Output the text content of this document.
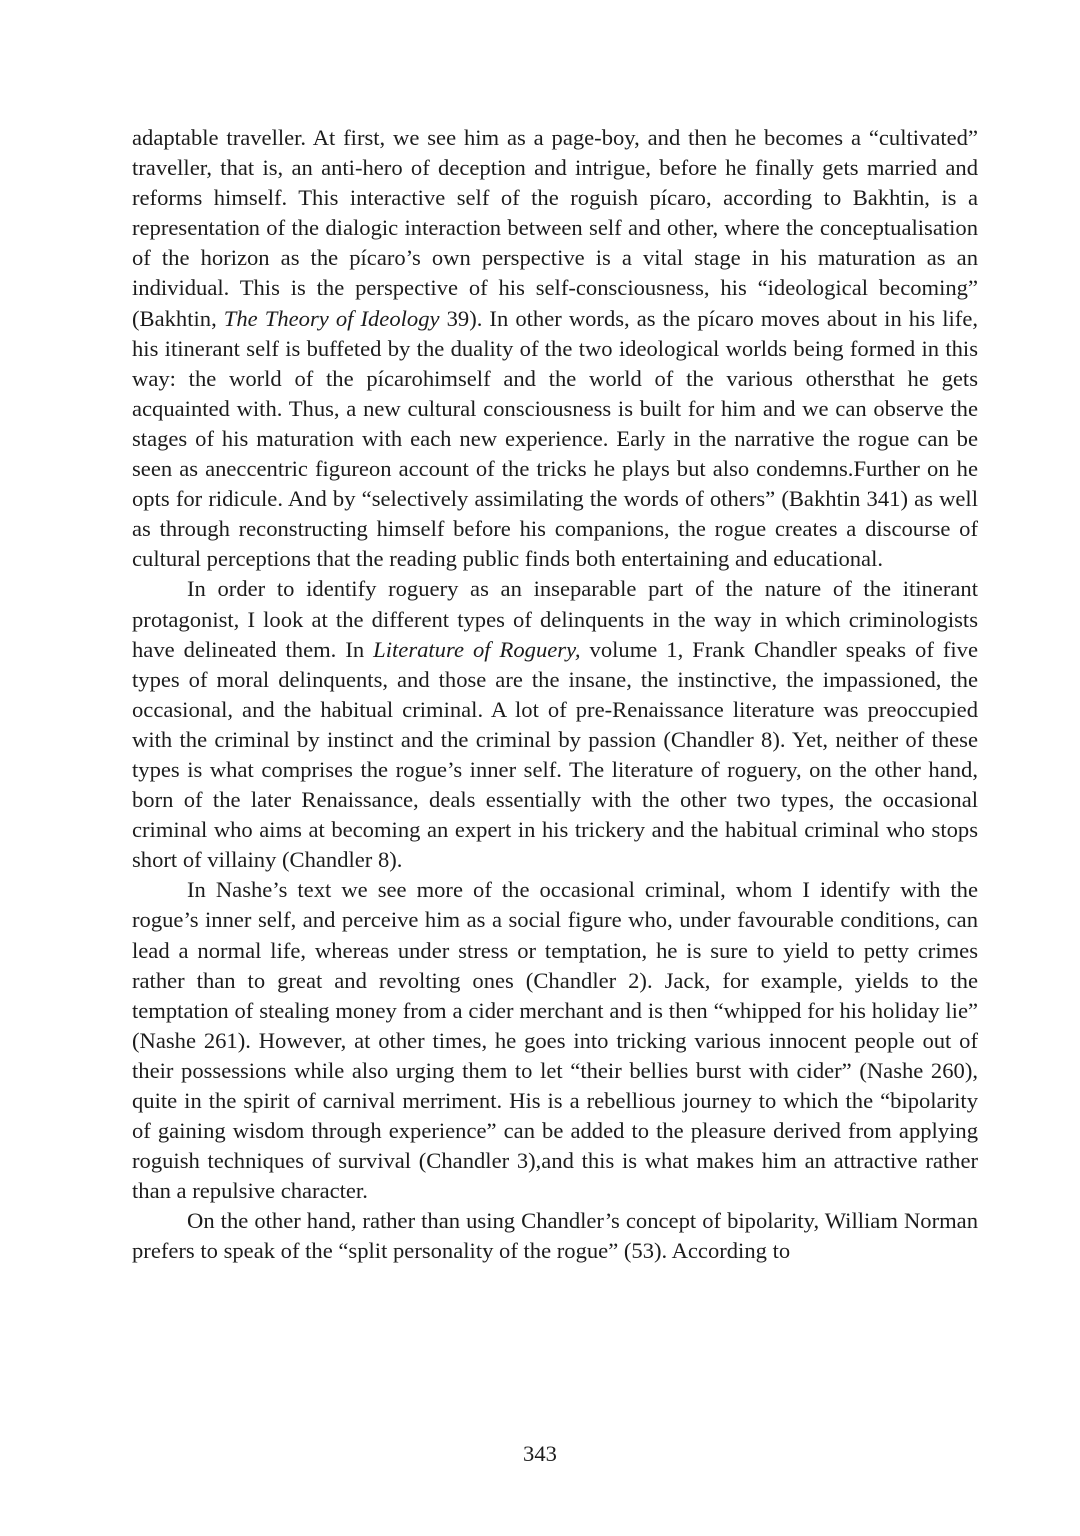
adaptable traveller. At first, we see him as a page-boy, and then he becomes a “cultivated” traveller, that is, an anti-hero of deception and intrigue, before he finally gets married and reforms himself. This interactive self of the roguish pícaro, according to Bakhtin, is a representation of the dialogic interaction between self and other, where the conceptualisation of the horizon as the pícaro’s own perspective is a vital stage in his maturation as an individual. This is the perspective of his self-consciousness, his “ideological becoming” (Bakhtin, The Theory of Ideology 39). In other words, as the pícaro moves about in his life, his itinerant self is buffeted by the duality of the two ideological worlds being formed in this way: the world of the pícarohimself and the world of the various othersthat he gets acquainted with. Thus, a new cultural consciousness is built for him and we can observe the stages of his maturation with each new experience. Early in the narrative the rogue can be seen as aneccentric figureon account of the tricks he plays but also condemns.Further on he opts for ridicule. And by “selectively assimilating the words of others” (Bakhtin 341) as well as through reconstructing himself before his companions, the rogue creates a discourse of cultural perceptions that the reading public finds both entertaining and educational.

In order to identify roguery as an inseparable part of the nature of the itinerant protagonist, I look at the different types of delinquents in the way in which criminologists have delineated them. In Literature of Roguery, volume 1, Frank Chandler speaks of five types of moral delinquents, and those are the insane, the instinctive, the impassioned, the occasional, and the habitual criminal. A lot of pre-Renaissance literature was preoccupied with the criminal by instinct and the criminal by passion (Chandler 8). Yet, neither of these types is what comprises the rogue’s inner self. The literature of roguery, on the other hand, born of the later Renaissance, deals essentially with the other two types, the occasional criminal who aims at becoming an expert in his trickery and the habitual criminal who stops short of villainy (Chandler 8).

In Nashe’s text we see more of the occasional criminal, whom I identify with the rogue’s inner self, and perceive him as a social figure who, under favourable conditions, can lead a normal life, whereas under stress or temptation, he is sure to yield to petty crimes rather than to great and revolting ones (Chandler 2). Jack, for example, yields to the temptation of stealing money from a cider merchant and is then “whipped for his holiday lie” (Nashe 261). However, at other times, he goes into tricking various innocent people out of their possessions while also urging them to let “their bellies burst with cider” (Nashe 260), quite in the spirit of carnival merriment. His is a rebellious journey to which the “bipolarity of gaining wisdom through experience” can be added to the pleasure derived from applying roguish techniques of survival (Chandler 3),and this is what makes him an attractive rather than a repulsive character.

On the other hand, rather than using Chandler’s concept of bipolarity, William Norman prefers to speak of the “split personality of the rogue” (53). According to

343
